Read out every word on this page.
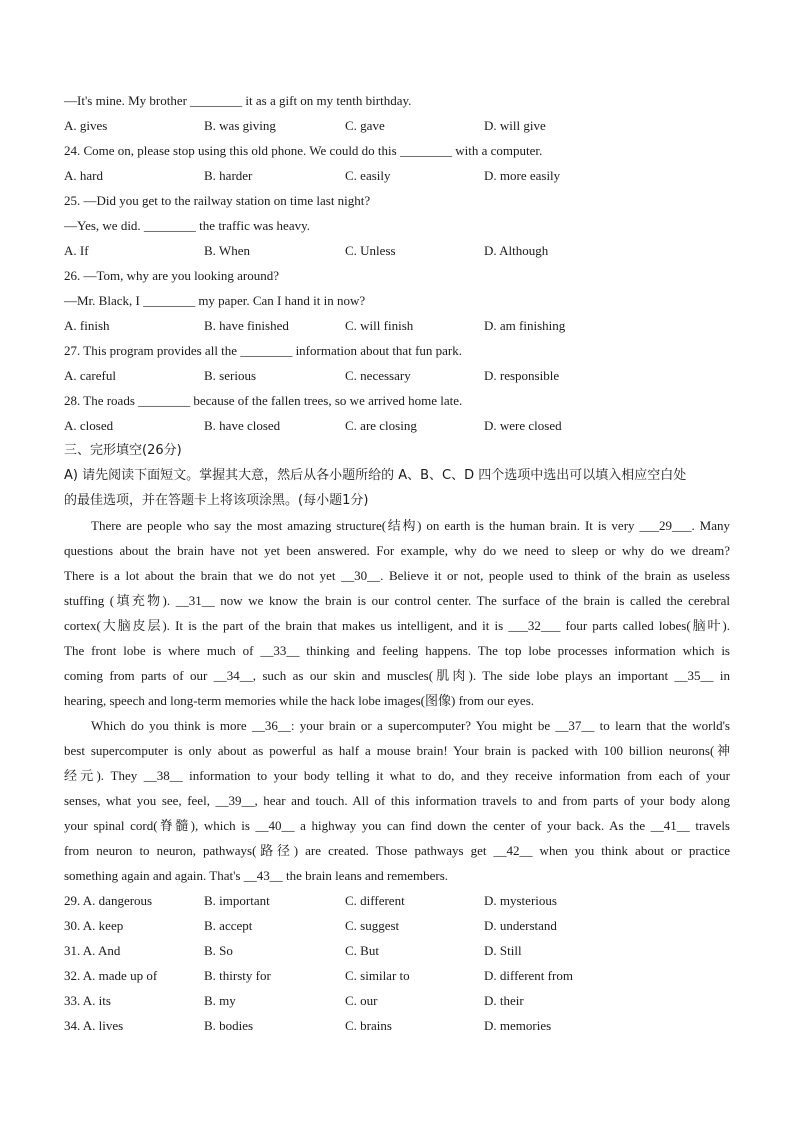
—It's mine. My brother ________ it as a gift on my tenth birthday.
A. gives	B. was giving	C. gave	D. will give
24. Come on, please stop using this old phone. We could do this ________ with a computer.
A. hard	B. harder	C. easily	D. more easily
25. —Did you get to the railway station on time last night?
—Yes, we did. ________ the traffic was heavy.
A. If	B. When	C. Unless	D. Although
26. —Tom, why are you looking around?
—Mr. Black, I ________ my paper. Can I hand it in now?
A. finish	B. have finished	C. will finish	D. am finishing
27. This program provides all the ________ information about that fun park.
A. careful	B. serious	C. necessary	D. responsible
28. The roads ________ because of the fallen trees, so we arrived home late.
A. closed	B. have closed	C. are closing	D. were closed
三、完形填空(26分)
A) 请先阅读下面短文。掌握其大意，然后从各小题所给的 A、B、C、D 四个选项中选出可以填入相应空白处
的最佳选项，并在答题卡上将该项涂黑。(每小题1分)
There are people who say the most amazing structure(结构) on earth is the human brain. It is very ___29___. Many
questions about the brain have not yet been answered. For example, why do we need to sleep or why do we dream?
There is a lot about the brain that we do not yet __30__. Believe it or not, people used to think of the brain as useless
stuffing (填充物). __31__ now we know the brain is our control center. The surface of the brain is called the cerebral
cortex(大脑皮层). It is the part of the brain that makes us intelligent, and it is ___32___ four parts called lobes(脑叶).
The front lobe is where much of __33__ thinking and feeling happens. The top lobe processes information which is
coming from parts of our __34__, such as our skin and muscles(肌肉). The side lobe plays an important __35__ in
hearing, speech and long-term memories while the hack lobe images(图像) from our eyes.
Which do you think is more __36__: your brain or a supercomputer? You might be __37__ to learn that the world's
best supercomputer is only about as powerful as half a mouse brain! Your brain is packed with 100 billion neurons(神
经元). They __38__ information to your body telling it what to do, and they receive information from each of your
senses, what you see, feel, __39__, hear and touch. All of this information travels to and from parts of your body along
your spinal cord(脊髓), which is __40__ a highway you can find down the center of your back. As the __41__ travels
from neuron to neuron, pathways(路径) are created. Those pathways get __42__ when you think about or practice
something again and again. That's __43__ the brain leans and remembers.
29. A. dangerous	B. important	C. different	D. mysterious
30. A. keep	B. accept	C. suggest	D. understand
31. A. And	B. So	C. But	D. Still
32. A. made up of	B. thirsty for	C. similar to	D. different from
33. A. its	B. my	C. our	D. their
34. A. lives	B. bodies	C. brains	D. memories
